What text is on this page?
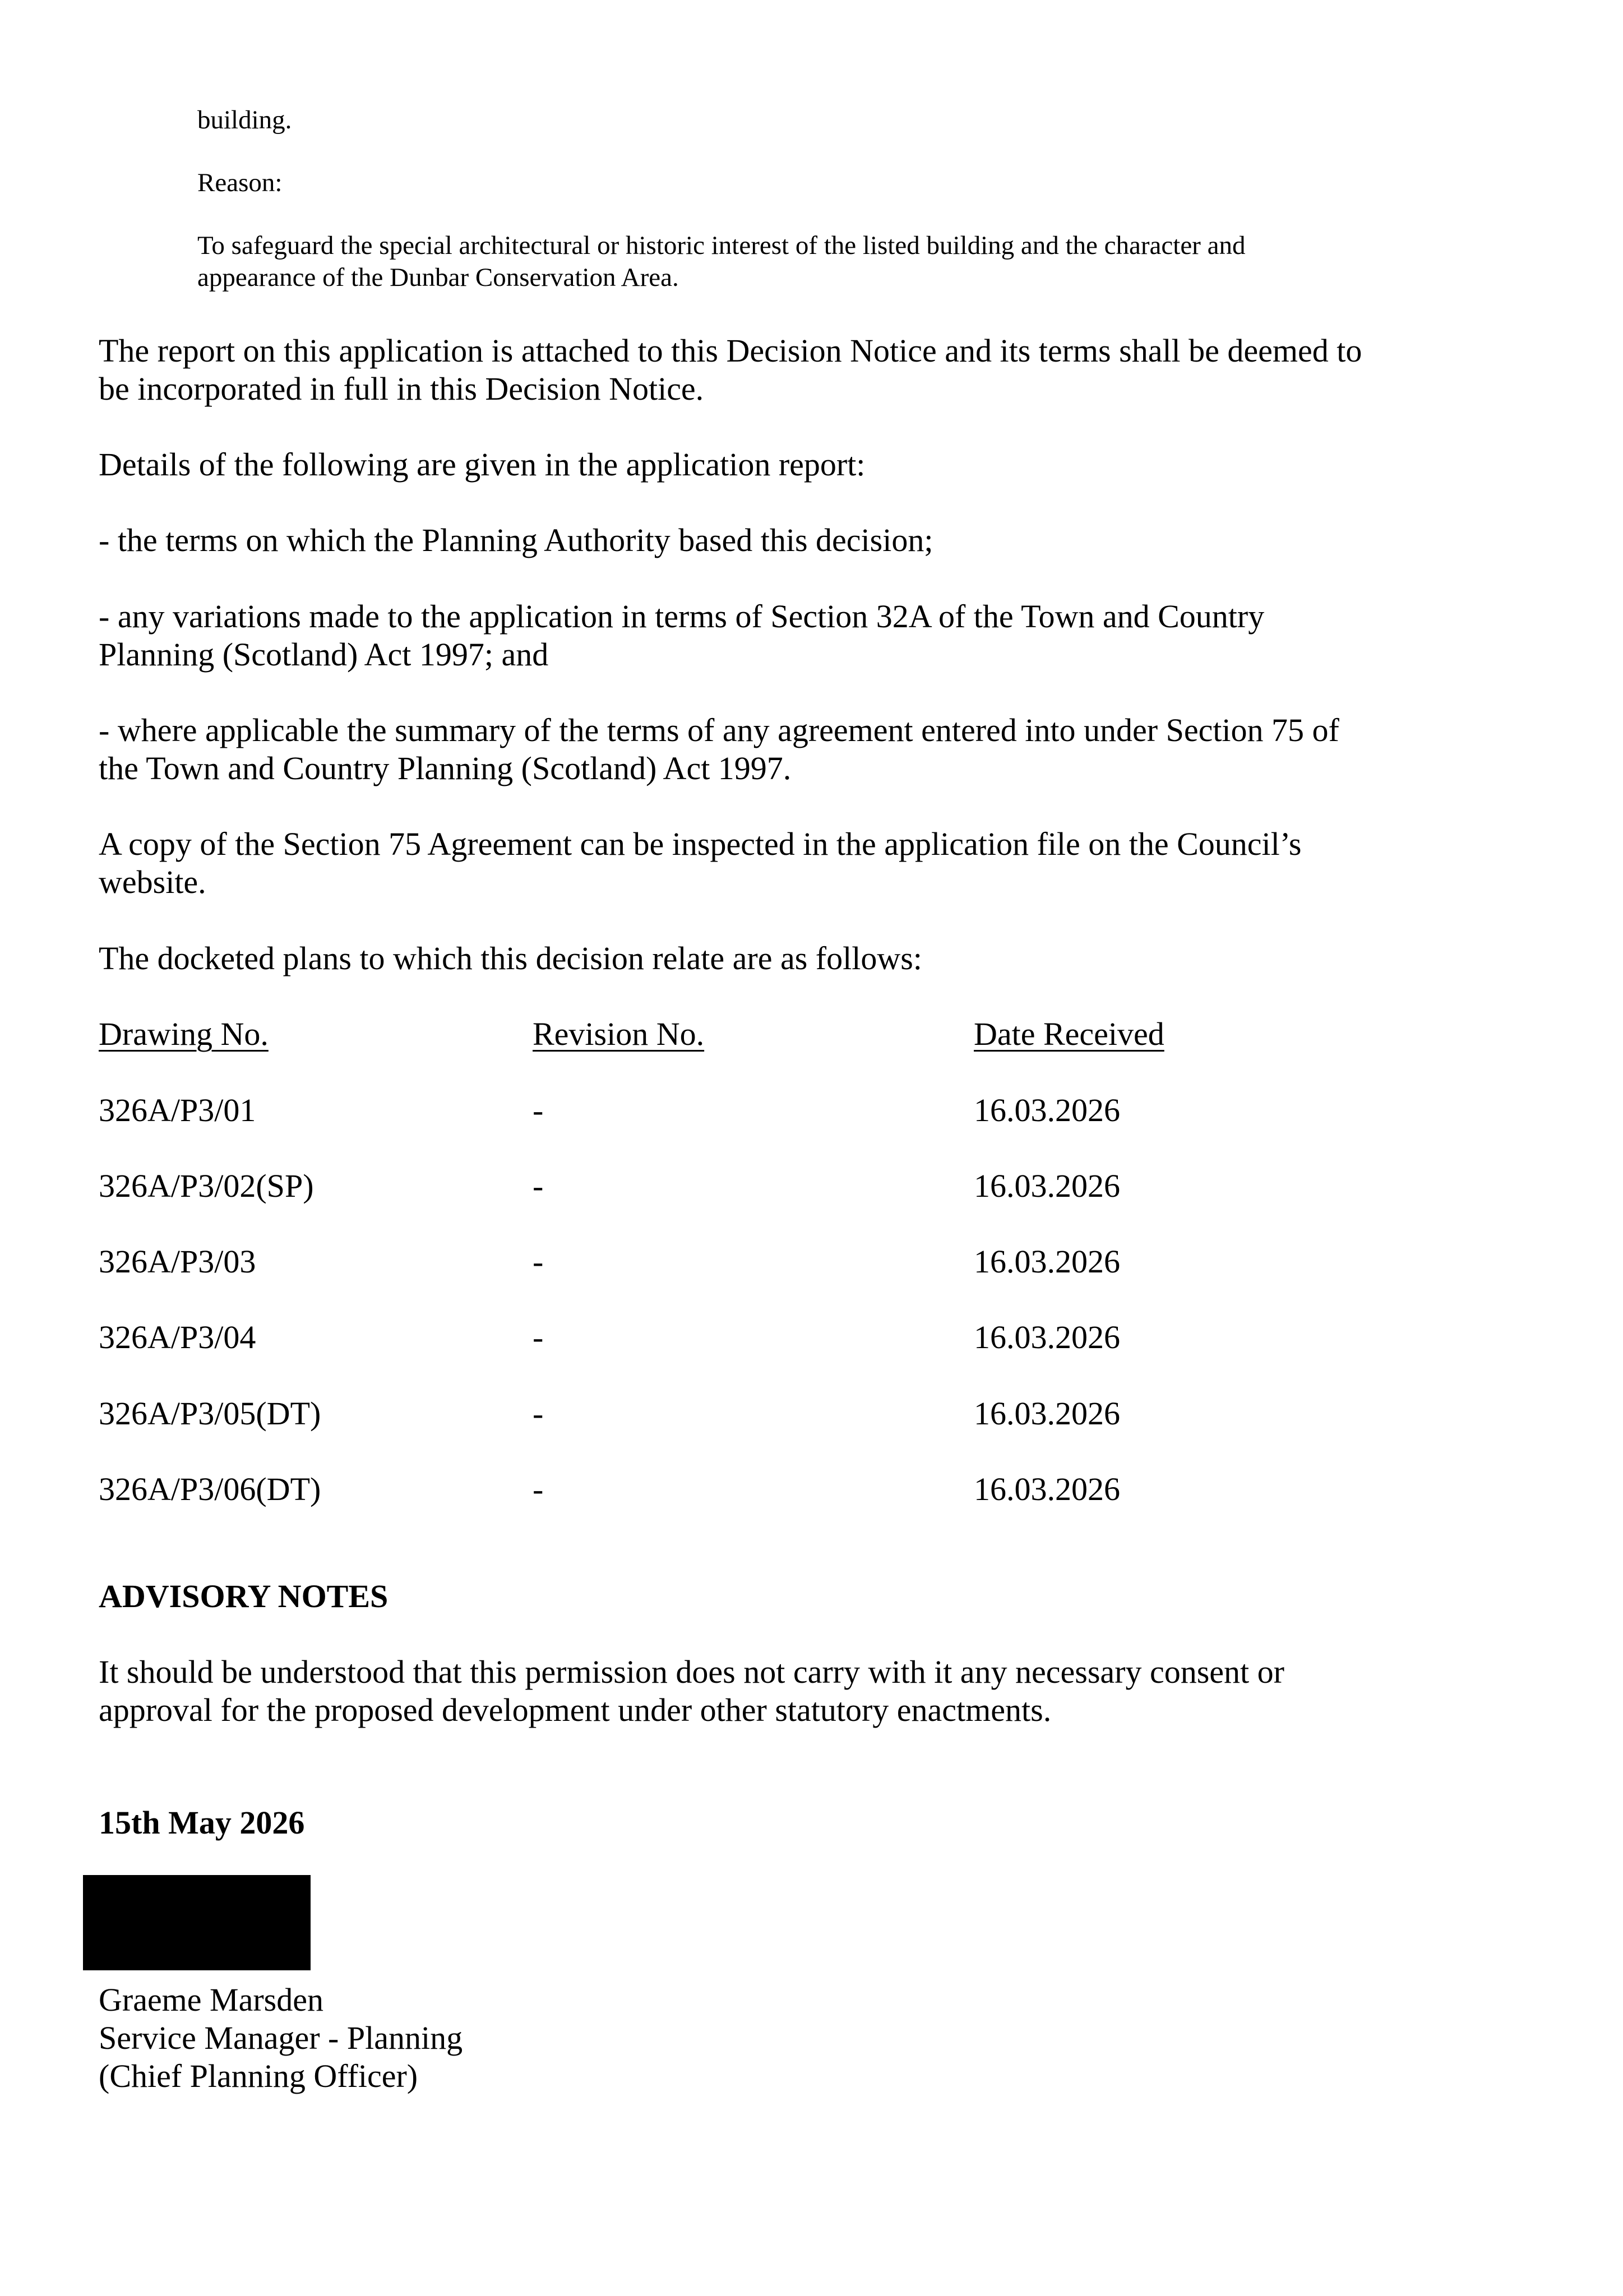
building.
Reason:
To safeguard the special architectural or historic interest of the listed building and the character and
appearance of the Dunbar Conservation Area.
The report on this application is attached to this Decision Notice and its terms shall be deemed to
be incorporated in full in this Decision Notice.
Details of the following are given in the application report:
- the terms on which the Planning Authority based this decision;
- any variations made to the application in terms of Section 32A of the Town and Country
Planning (Scotland) Act 1997; and
- where applicable the summary of the terms of any agreement entered into under Section 75 of
the Town and Country Planning (Scotland) Act 1997.
A copy of the Section 75 Agreement can be inspected in the application file on the Council’s
website.
The docketed plans to which this decision relate are as follows:
Drawing No.	Revision No.	Date Received
326A/P3/01	-	16.03.2026
326A/P3/02(SP)	-	16.03.2026
326A/P3/03	-	16.03.2026
326A/P3/04	-	16.03.2026
326A/P3/05(DT)	-	16.03.2026
326A/P3/06(DT)	-	16.03.2026
ADVISORY NOTES
It should be understood that this permission does not carry with it any necessary consent or
approval for the proposed development under other statutory enactments.
15th May 2026
Graeme Marsden
Service Manager - Planning
(Chief Planning Officer)
